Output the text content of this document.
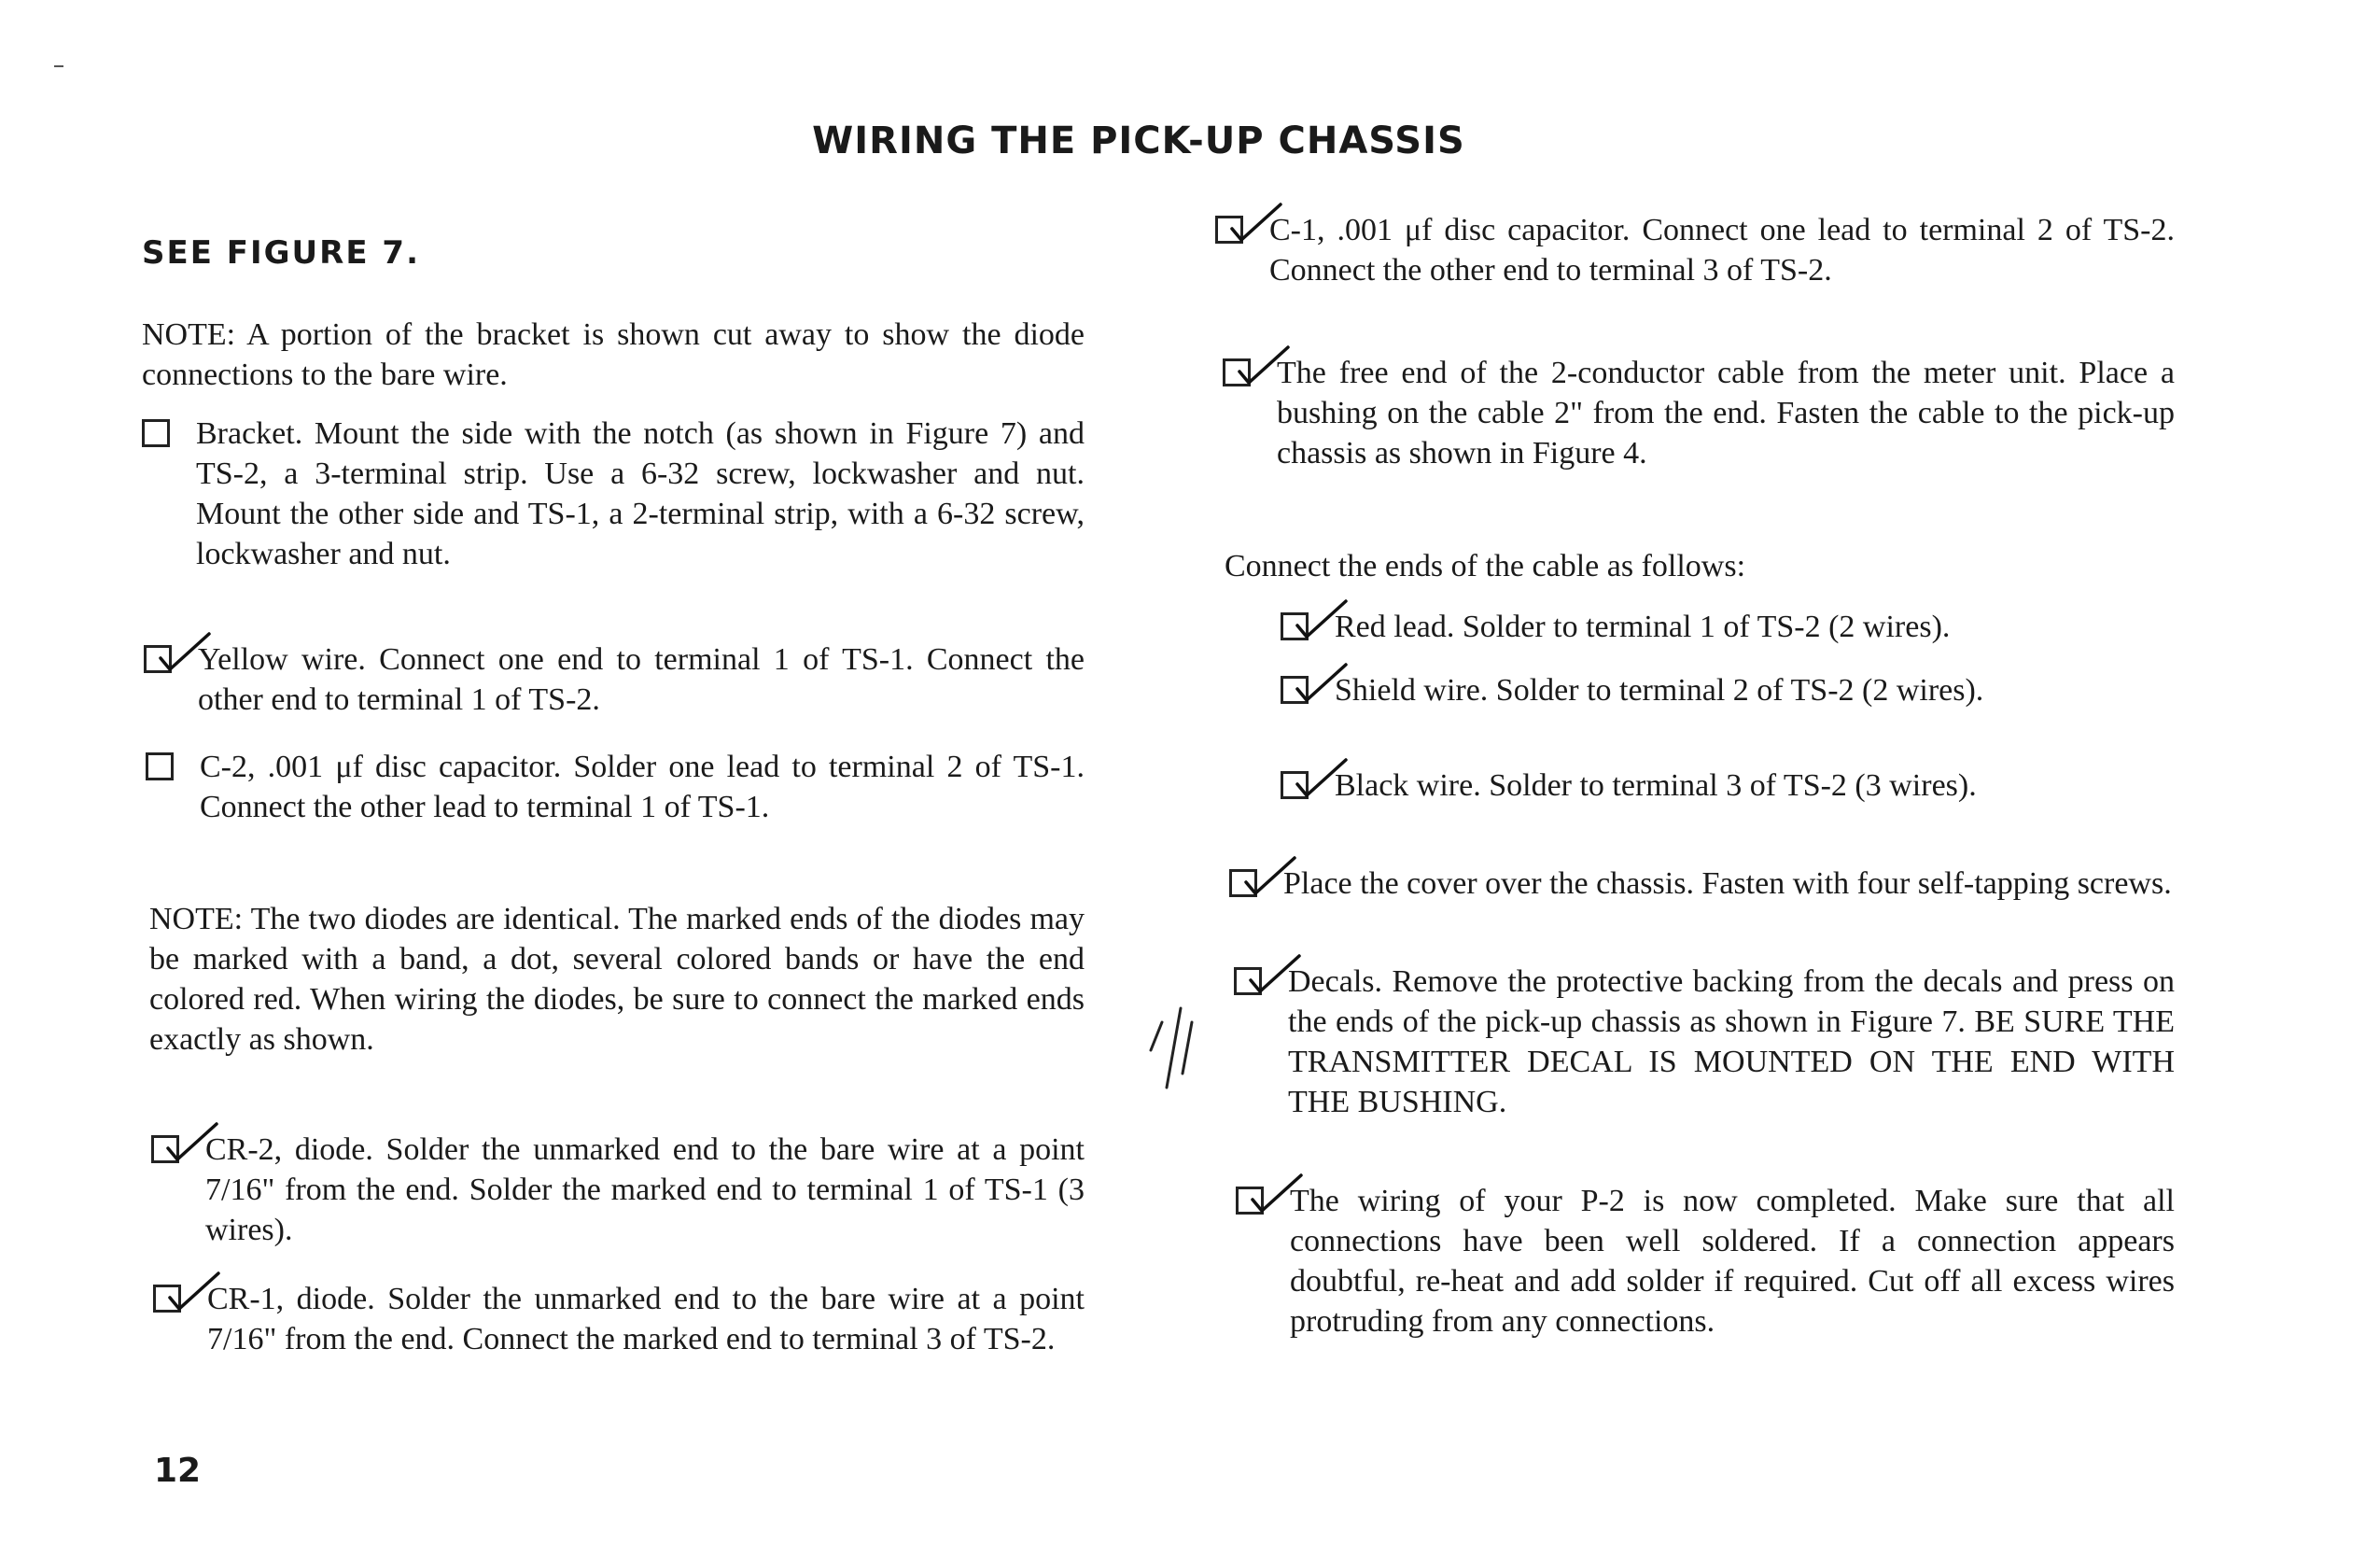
WIRING THE PICK-UP CHASSIS
SEE FIGURE 7.
NOTE: A portion of the bracket is shown cut away to show the diode connections to the bare wire.
Bracket. Mount the side with the notch (as shown in Figure 7) and TS-2, a 3-terminal strip. Use a 6-32 screw, lockwasher and nut. Mount the other side and TS-1, a 2-terminal strip, with a 6-32 screw, lockwasher and nut.
Yellow wire. Connect one end to terminal 1 of TS-1. Connect the other end to terminal 1 of TS-2.
C-2, .001 μf disc capacitor. Solder one lead to terminal 2 of TS-1. Connect the other lead to terminal 1 of TS-1.
NOTE: The two diodes are identical. The marked ends of the diodes may be marked with a band, a dot, several colored bands or have the end colored red. When wiring the diodes, be sure to connect the marked ends exactly as shown.
CR-2, diode. Solder the unmarked end to the bare wire at a point 7/16" from the end. Solder the marked end to terminal 1 of TS-1 (3 wires).
CR-1, diode. Solder the unmarked end to the bare wire at a point 7/16" from the end. Connect the marked end to terminal 3 of TS-2.
12
C-1, .001 μf disc capacitor. Connect one lead to terminal 2 of TS-2. Connect the other end to terminal 3 of TS-2.
The free end of the 2-conductor cable from the meter unit. Place a bushing on the cable 2" from the end. Fasten the cable to the pick-up chassis as shown in Figure 4.
Connect the ends of the cable as follows:
Red lead. Solder to terminal 1 of TS-2 (2 wires).
Shield wire. Solder to terminal 2 of TS-2 (2 wires).
Black wire. Solder to terminal 3 of TS-2 (3 wires).
Place the cover over the chassis. Fasten with four self-tapping screws.
Decals. Remove the protective backing from the decals and press on the ends of the pick-up chassis as shown in Figure 7. BE SURE THE TRANSMITTER DECAL IS MOUNTED ON THE END WITH THE BUSHING.
The wiring of your P-2 is now completed. Make sure that all connections have been well soldered. If a connection appears doubtful, re-heat and add solder if required. Cut off all excess wires protruding from any connections.
